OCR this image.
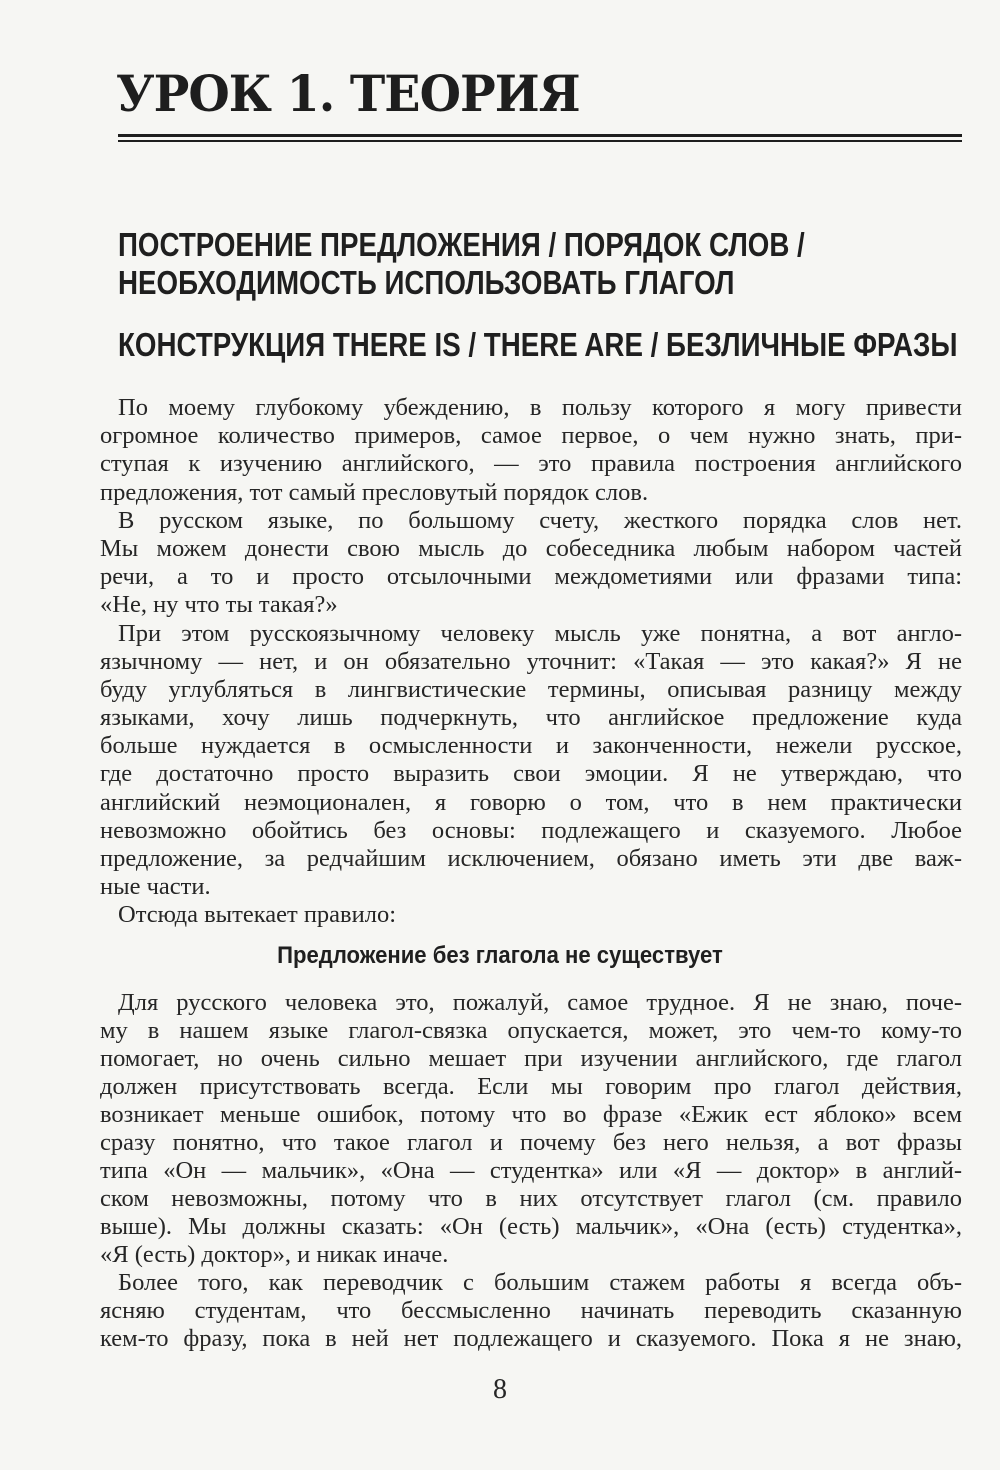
УРОК 1. ТЕОРИЯ
ПОСТРОЕНИЕ ПРЕДЛОЖЕНИЯ / ПОРЯДОК СЛОВ /
НЕОБХОДИМОСТЬ ИСПОЛЬЗОВАТЬ ГЛАГОЛ
КОНСТРУКЦИЯ THERE IS / THERE ARE / БЕЗЛИЧНЫЕ ФРАЗЫ
По моему глубокому убеждению, в пользу которого я могу привести
огромное количество примеров, самое первое, о чем нужно знать, при-
ступая к изучению английского, — это правила построения английского
предложения, тот самый пресловутый порядок слов.
В русском языке, по большому счету, жесткого порядка слов нет.
Мы можем донести свою мысль до собеседника любым набором частей
речи, а то и просто отсылочными междометиями или фразами типа:
«Не, ну что ты такая?»
При этом русскоязычному человеку мысль уже понятна, а вот англо-
язычному — нет, и он обязательно уточнит: «Такая — это какая?» Я не
буду углубляться в лингвистические термины, описывая разницу между
языками, хочу лишь подчеркнуть, что английское предложение куда
больше нуждается в осмысленности и законченности, нежели русское,
где достаточно просто выразить свои эмоции. Я не утверждаю, что
английский неэмоционален, я говорю о том, что в нем практически
невозможно обойтись без основы: подлежащего и сказуемого. Любое
предложение, за редчайшим исключением, обязано иметь эти две важ-
ные части.
Отсюда вытекает правило:
Предложение без глагола не существует
Для русского человека это, пожалуй, самое трудное. Я не знаю, поче-
му в нашем языке глагол-связка опускается, может, это чем-то кому-то
помогает, но очень сильно мешает при изучении английского, где глагол
должен присутствовать всегда. Если мы говорим про глагол действия,
возникает меньше ошибок, потому что во фразе «Ежик ест яблоко» всем
сразу понятно, что такое глагол и почему без него нельзя, а вот фразы
типа «Он — мальчик», «Она — студентка» или «Я — доктор» в англий-
ском невозможны, потому что в них отсутствует глагол (см. правило
выше). Мы должны сказать: «Он (есть) мальчик», «Она (есть) студентка»,
«Я (есть) доктор», и никак иначе.
Более того, как переводчик с большим стажем работы я всегда объ-
ясняю студентам, что бессмысленно начинать переводить сказанную
кем-то фразу, пока в ней нет подлежащего и сказуемого. Пока я не знаю,
8
